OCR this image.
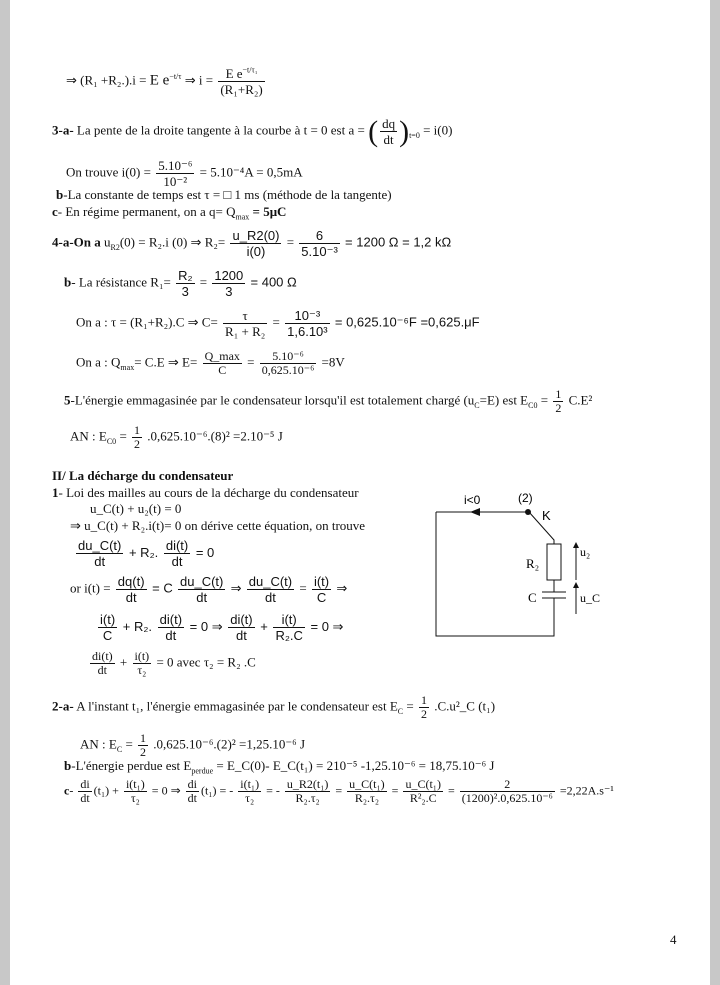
⇒ (R₁ +R₂.).i = E $e^{-t/\tau}$ ⇒ $i = \frac{E e^{-t/\tau_1}}{\text{(R₁+R₂)}}$
3-a- La pente de la droite tangente à la courbe à t = 0 est a = ( $\frac{dq}{dt} )_{t=0} = i(0)$
On trouve $i(0) = \frac{\text{5.10⁻⁶}}{\text{10⁻²}} = 5.10^{-4}A = 0,5mA$
b-La constante de temps est τ = □ 1 ms (méthode de la tangente)
c- En régime permanent, on a $q= Q_{max} = 5\mu C$
4-a-On a $u_{R2}(0) = R_2.i$ (0) ⇒ $R_2= \frac{u\_R2(0)}{i(0)} = \frac{6}{\text{5.10⁻³}} = 1200$ Ω = 1,2 kΩ
b- La résistance $R_1= \frac{\text{R₂}}{3} = \frac{1200}{3} = 400$ Ω
On a : τ = (R₁+R₂).C ⇒ $C= \frac{\tau}{\text{R₁ + R₂}} = \frac{\text{10⁻³}}{\text{1,6.10³}} = 0,625.10^{-6}F =0,625.\mu F$
On a : $Q_{max}= C.E$ ⇒ E= Q_max
C
= $\frac{\text{5.10⁻⁶}}{\text{0,625.10⁻⁶}} =8V$
5-L'énergie emmagasinée par le condensateur lorsqu'il est totalement chargé $(u_C=E)$ est $E_{C0} = \frac{1}{2} C.E^2$
AN : $E_{C0} = \frac{1}{2} .0,625.10^{-6}.(8)^2 =2.10^{-5}$ J
II/ La décharge du condensateur
1- Loi des mailles au cours de la décharge du condensateur
u_C(t) + u₂(t) = 0
⇒ u_C(t) + R₂.i(t)= 0 on dérive cette équation, on trouve
$\frac{du\_C(t)}{dt} + R_2$. $\frac{di(t)}{dt} = 0$
or $i(t) = \frac{dq(t)}{dt} = C \frac{du\_C(t)}{dt}$ ⇒ $\frac{du\_C(t)}{dt} = \frac{i(t)}{C}$ ⇒
$\frac{i(t)}{C} + R_2$. $\frac{di(t)}{dt} = 0$ ⇒ $\frac{di(t)}{dt} + \frac{i(t)}{\text{R₂.C}} = 0$ ⇒
$\frac{di(t)}{dt} + \frac{i(t)}{\text{τ₂}} = 0$ avec τ₂ = R₂ .C
2-a- A l'instant t₁, l'énergie emmagasinée par le condensateur est $E_C = \frac{1}{2}$ .C.u²_C (t₁)
AN : $E_C = \frac{1}{2} .0,625.10^{-6}.(2)^2 =1,25.10^{-6}$ J
b-L'énergie perdue est $E_{perdue}$ = E_C(0)- E_C(t₁) = 210⁻⁵ -1,25.10⁻⁶ = 18,75.10⁻⁶ J
$c- \frac{di}{dt} (t_1) + \frac{\text{i(t₁)}}{\text{τ₂}} = 0$ ⇒ $\frac{di}{dt} (t_1)$ = - $\frac{\text{i(t₁)}}{\text{τ₂}}$ = - $\frac{\text{u\_R2(t₁)}}{\text{R₂.τ₂}} = \frac{\text{u\_C(t₁)}}{\text{R₂.τ₂}} = \frac{\text{u\_C(t₁)}}{\text{R²₂.C}} = \frac{2}{\text{(1200)².0,625.10⁻⁶}} =2,22A.s^{-1}$
i<0	(2)
K
R₂
C
u₂
u_C
4
